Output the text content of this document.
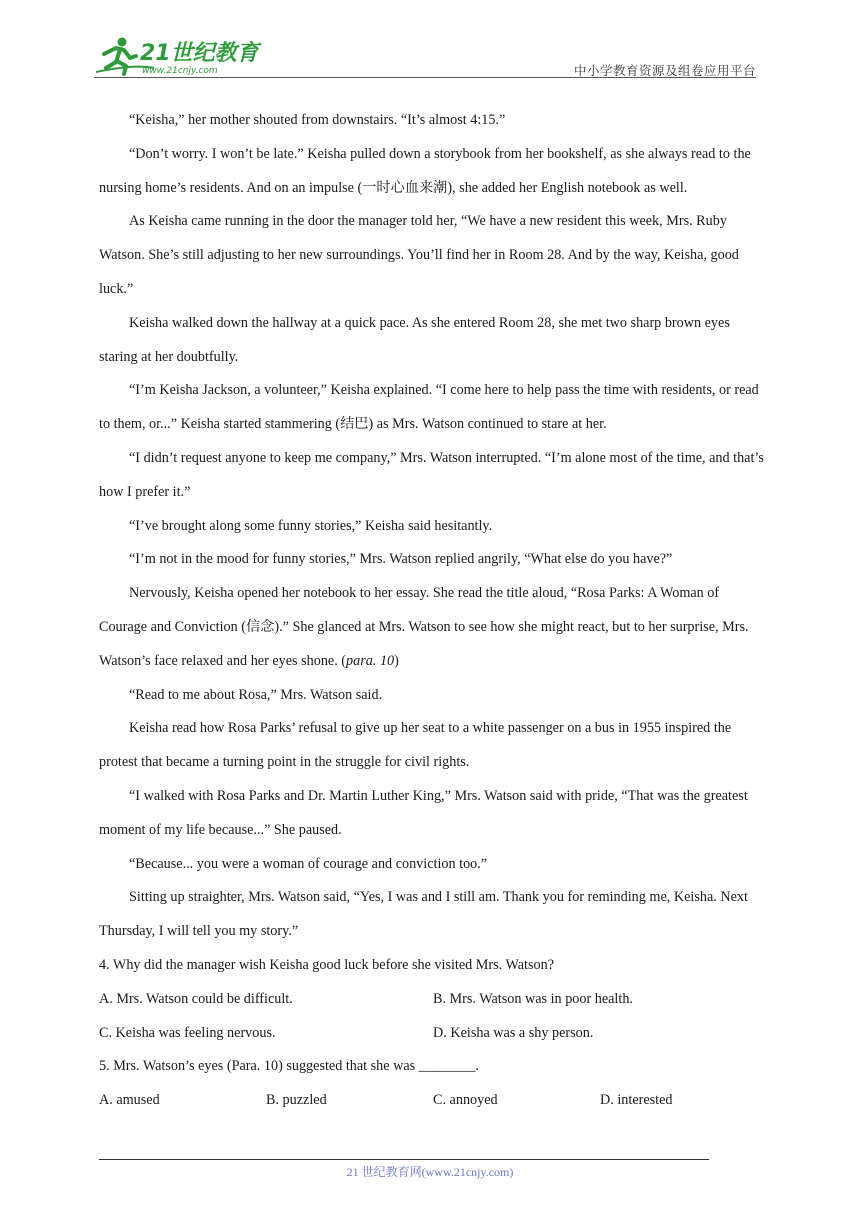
21世纪教育
www.21cnjy.com	中小学教育资源及组卷应用平台

“Keisha,” her mother shouted from downstairs. “It’s almost 4:15.”

“Don’t worry. I won’t be late.” Keisha pulled down a storybook from her bookshelf, as she always read to the nursing home’s residents. And on an impulse (一时心血来潮), she added her English notebook as well.

As Keisha came running in the door the manager told her, “We have a new resident this week, Mrs. Ruby Watson. She’s still adjusting to her new surroundings. You’ll find her in Room 28. And by the way, Keisha, good luck.”

Keisha walked down the hallway at a quick pace. As she entered Room 28, she met two sharp brown eyes staring at her doubtfully.

“I’m Keisha Jackson, a volunteer,” Keisha explained. “I come here to help pass the time with residents, or read to them, or...” Keisha started stammering (结巴) as Mrs. Watson continued to stare at her.

“I didn’t request anyone to keep me company,” Mrs. Watson interrupted. “I’m alone most of the time, and that’s how I prefer it.”

“I’ve brought along some funny stories,” Keisha said hesitantly.

“I’m not in the mood for funny stories,” Mrs. Watson replied angrily, “What else do you have?”

Nervously, Keisha opened her notebook to her essay. She read the title aloud, “Rosa Parks: A Woman of Courage and Conviction (信念).” She glanced at Mrs. Watson to see how she might react, but to her surprise, Mrs. Watson’s face relaxed and her eyes shone. (para. 10)

“Read to me about Rosa,” Mrs. Watson said.

Keisha read how Rosa Parks’ refusal to give up her seat to a white passenger on a bus in 1955 inspired the protest that became a turning point in the struggle for civil rights.

“I walked with Rosa Parks and Dr. Martin Luther King,” Mrs. Watson said with pride, “That was the greatest moment of my life because...” She paused.

“Because... you were a woman of courage and conviction too.”

Sitting up straighter, Mrs. Watson said, “Yes, I was and I still am. Thank you for reminding me, Keisha. Next Thursday, I will tell you my story.”

4. Why did the manager wish Keisha good luck before she visited Mrs. Watson?

A. Mrs. Watson could be difficult.	B. Mrs. Watson was in poor health.
C. Keisha was feeling nervous.	D. Keisha was a shy person.

5. Mrs. Watson’s eyes (Para. 10) suggested that she was ________.

A. amused	B. puzzled	C. annoyed	D. interested
21 世纪教育网(www.21cnjy.com)
